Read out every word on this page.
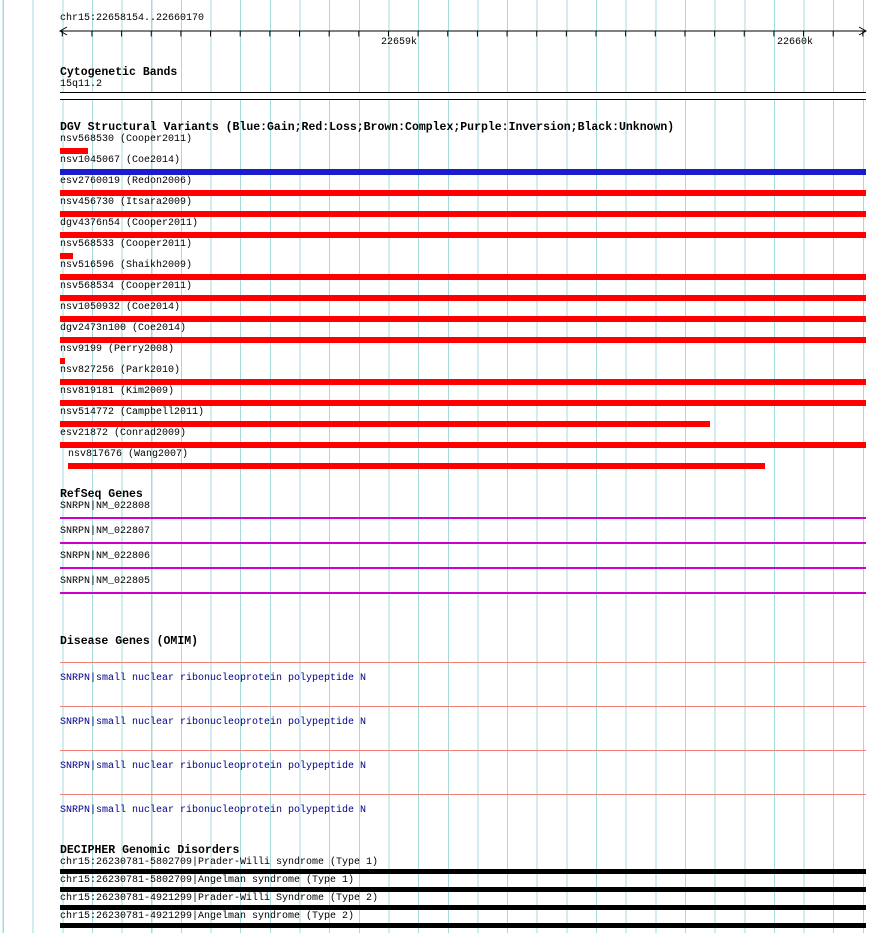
chr15:22658154..22660170
22659k	22660k
Cytogenetic Bands
15q11.2
DGV Structural Variants (Blue:Gain;Red:Loss;Brown:Complex;Purple:Inversion;Black:Unknown)
nsv568530 (Cooper2011)
nsv1045067 (Coe2014)
esv2760019 (Redon2006)
nsv456730 (Itsara2009)
dgv4376n54 (Cooper2011)
nsv568533 (Cooper2011)
nsv516596 (Shaikh2009)
nsv568534 (Cooper2011)
nsv1050932 (Coe2014)
dgv2473n100 (Coe2014)
nsv9199 (Perry2008)
nsv827256 (Park2010)
nsv819181 (Kim2009)
nsv514772 (Campbell2011)
esv21872 (Conrad2009)
nsv817676 (Wang2007)
RefSeq Genes
SNRPN|NM_022808
SNRPN|NM_022807
SNRPN|NM_022806
SNRPN|NM_022805
Disease Genes (OMIM)
SNRPN|small nuclear ribonucleoprotein polypeptide N
SNRPN|small nuclear ribonucleoprotein polypeptide N
SNRPN|small nuclear ribonucleoprotein polypeptide N
SNRPN|small nuclear ribonucleoprotein polypeptide N
DECIPHER Genomic Disorders
chr15:26230781-5802709|Prader-Willi syndrome (Type 1)
chr15:26230781-5802709|Angelman syndrome (Type 1)
chr15:26230781-4921299|Prader-Willi Syndrome (Type 2)
chr15:26230781-4921299|Angelman syndrome (Type 2)
